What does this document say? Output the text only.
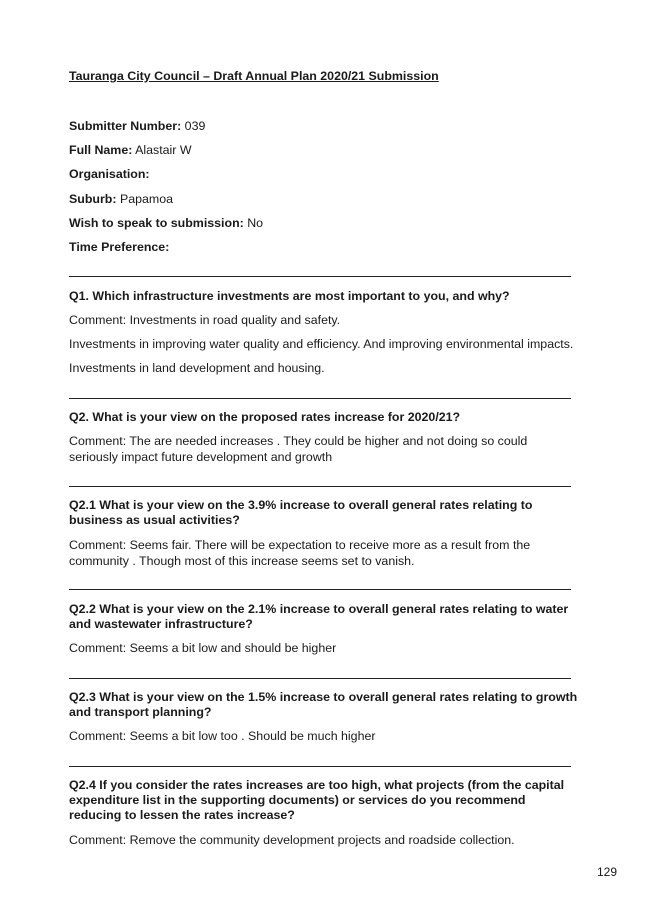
Tauranga City Council – Draft Annual Plan 2020/21 Submission
Submitter Number: 039
Full Name: Alastair W
Organisation:
Suburb: Papamoa
Wish to speak to submission: No
Time Preference:
Q1. Which infrastructure investments are most important to you, and why?
Comment: Investments in road quality and safety.
Investments in improving water quality and efficiency. And improving environmental impacts.
Investments in land development and housing.
Q2. What is your view on the proposed rates increase for 2020/21?
Comment: The are needed increases . They could be higher and not doing so could seriously impact future development and growth
Q2.1 What is your view on the 3.9% increase to overall general rates relating to business as usual activities?
Comment: Seems fair. There will be expectation to receive more as a result from the community . Though most of this increase seems set to vanish.
Q2.2 What is your view on the 2.1% increase to overall general rates relating to water and wastewater infrastructure?
Comment: Seems a bit low and should be higher
Q2.3 What is your view on the 1.5% increase to overall general rates relating to growth and transport planning?
Comment: Seems a bit low too . Should be much higher
Q2.4 If you consider the rates increases are too high, what projects (from the capital expenditure list in the supporting documents) or services do you recommend reducing to lessen the rates increase?
Comment: Remove the community development projects and roadside collection.
129
